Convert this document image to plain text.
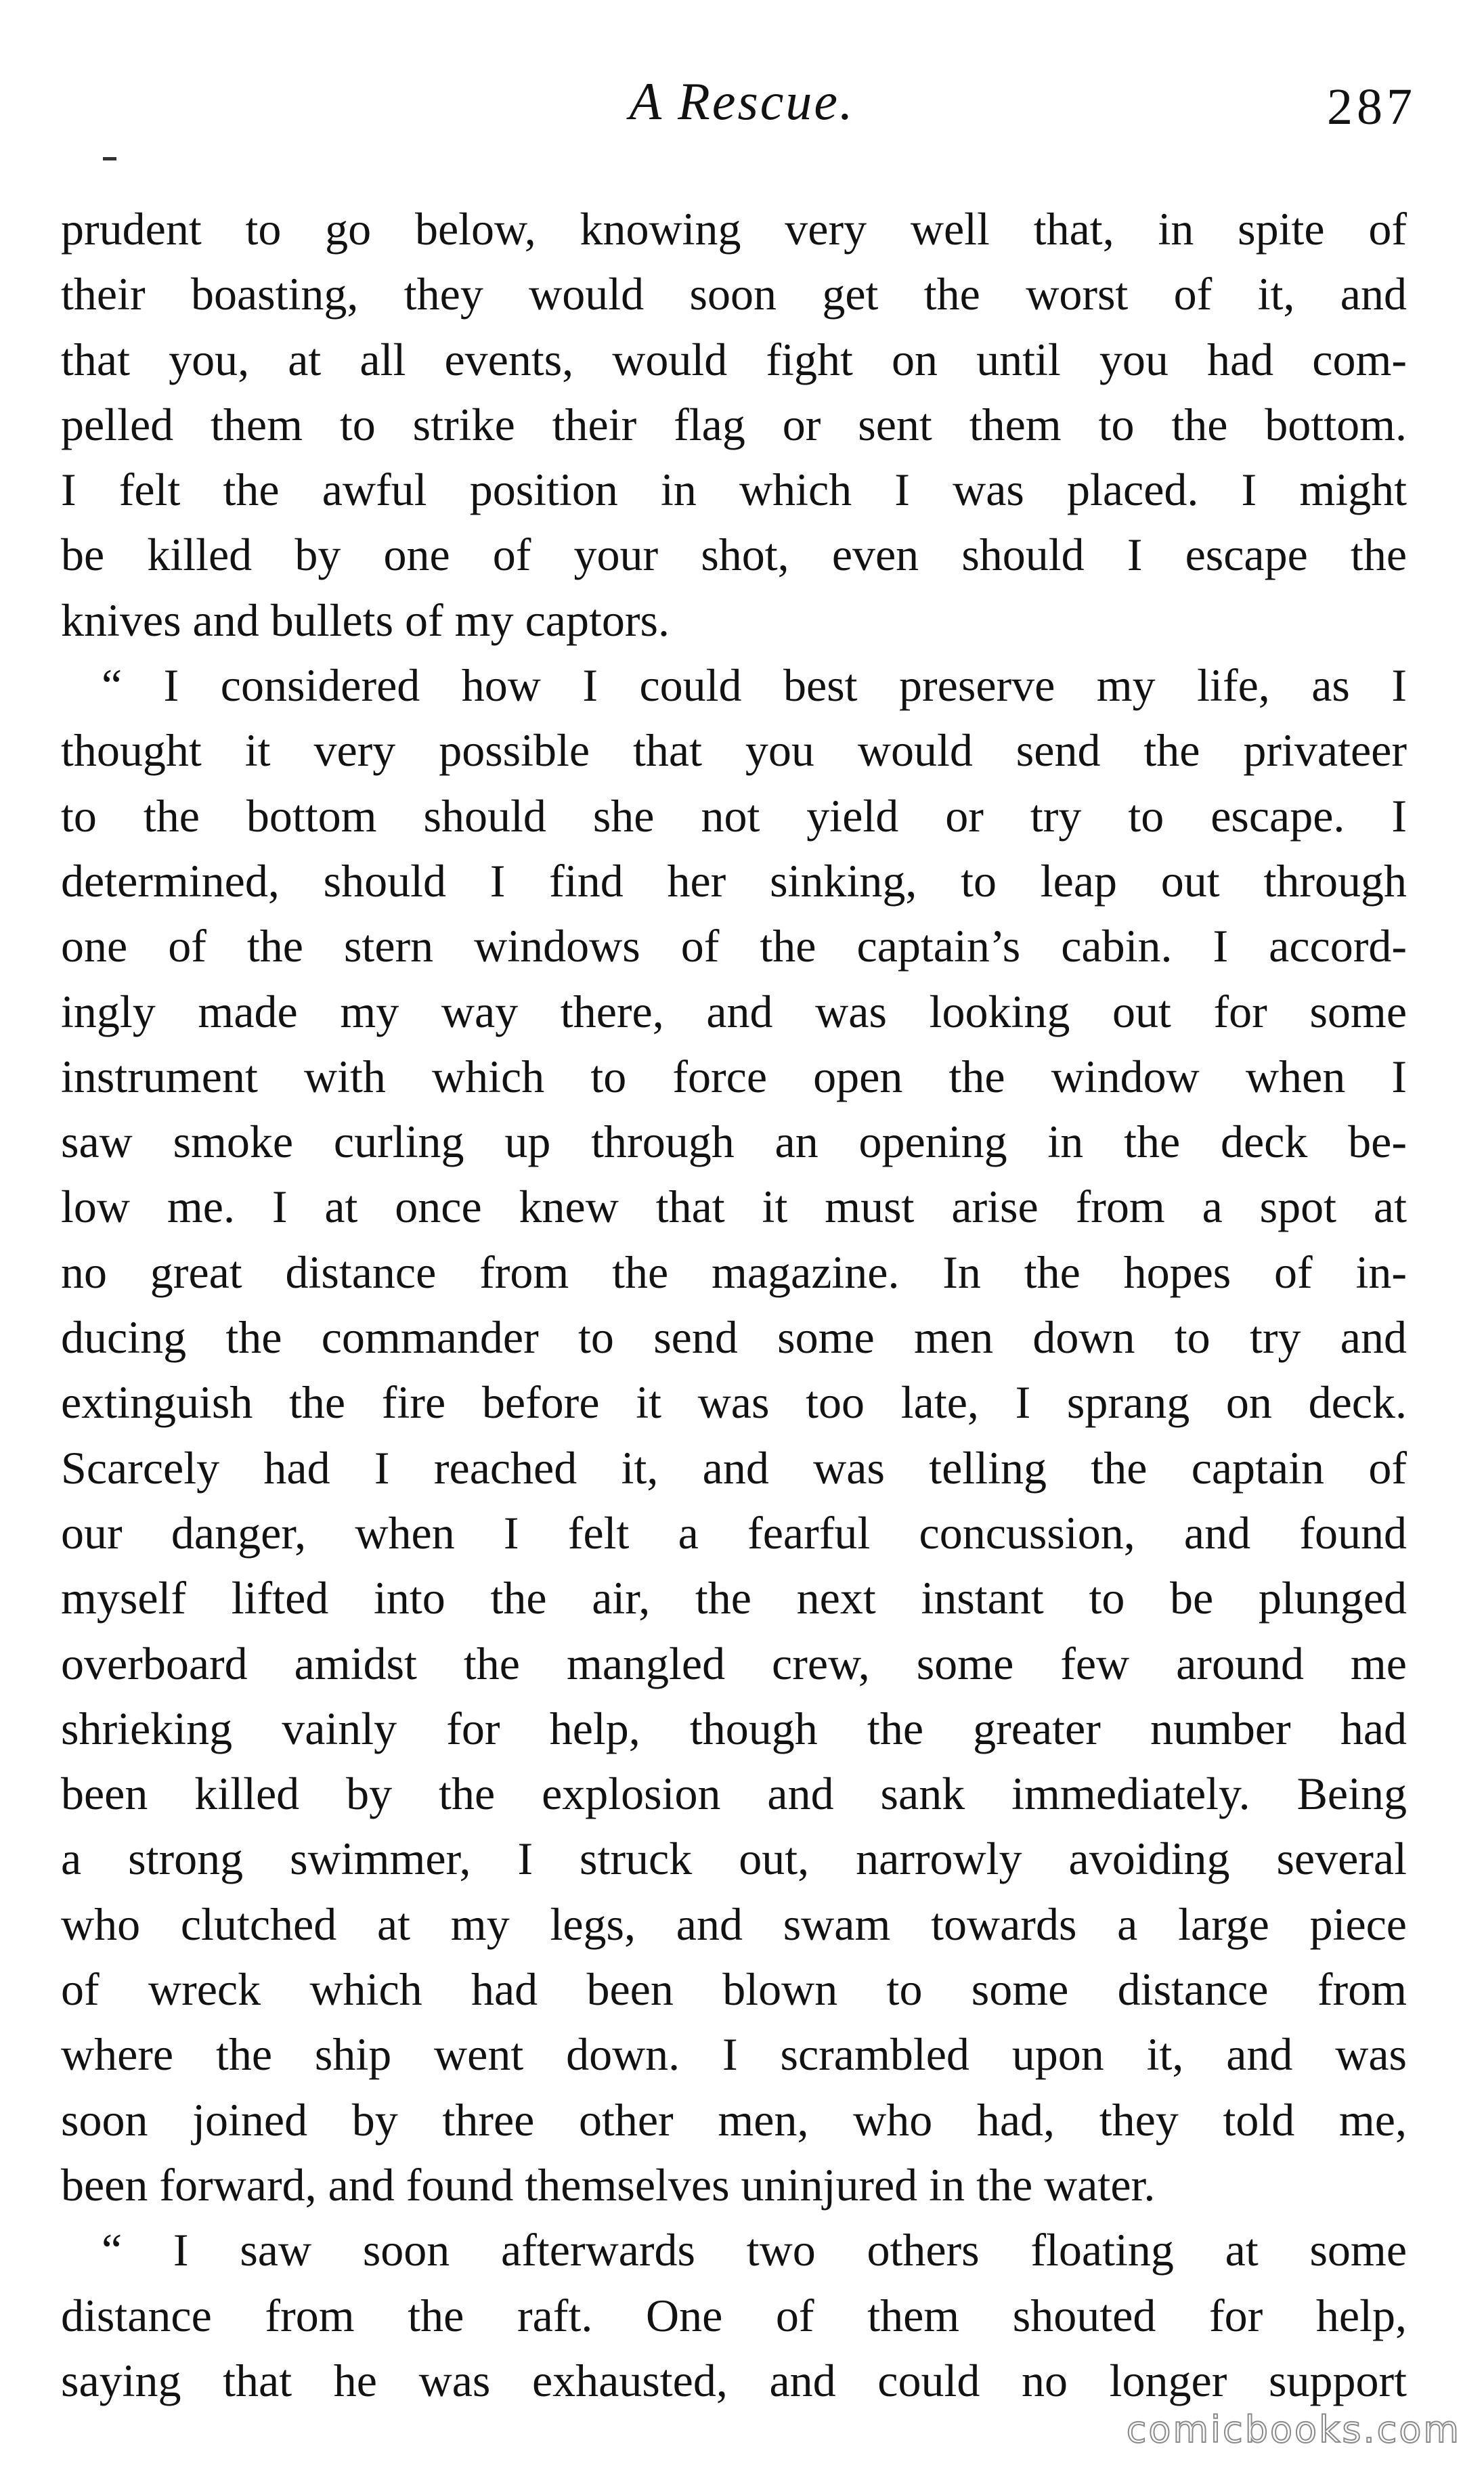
A Rescue.	287
prudent to go below, knowing very well that, in spite of
their boasting, they would soon get the worst of it, and
that you, at all events, would fight on until you had com-
pelled them to strike their flag or sent them to the bottom.
I felt the awful position in which I was placed. I might
be killed by one of your shot, even should I escape the
knives and bullets of my captors.
“ I considered how I could best preserve my life, as I
thought it very possible that you would send the privateer
to the bottom should she not yield or try to escape. I
determined, should I find her sinking, to leap out through
one of the stern windows of the captain’s cabin. I accord-
ingly made my way there, and was looking out for some
instrument with which to force open the window when I
saw smoke curling up through an opening in the deck be-
low me. I at once knew that it must arise from a spot at
no great distance from the magazine. In the hopes of in-
ducing the commander to send some men down to try and
extinguish the fire before it was too late, I sprang on deck.
Scarcely had I reached it, and was telling the captain of
our danger, when I felt a fearful concussion, and found
myself lifted into the air, the next instant to be plunged
overboard amidst the mangled crew, some few around me
shrieking vainly for help, though the greater number had
been killed by the explosion and sank immediately. Being
a strong swimmer, I struck out, narrowly avoiding several
who clutched at my legs, and swam towards a large piece
of wreck which had been blown to some distance from
where the ship went down. I scrambled upon it, and was
soon joined by three other men, who had, they told me,
been forward, and found themselves uninjured in the water.
“ I saw soon afterwards two others floating at some
distance from the raft. One of them shouted for help,
saying that he was exhausted, and could no longer support
comicbooks.com
